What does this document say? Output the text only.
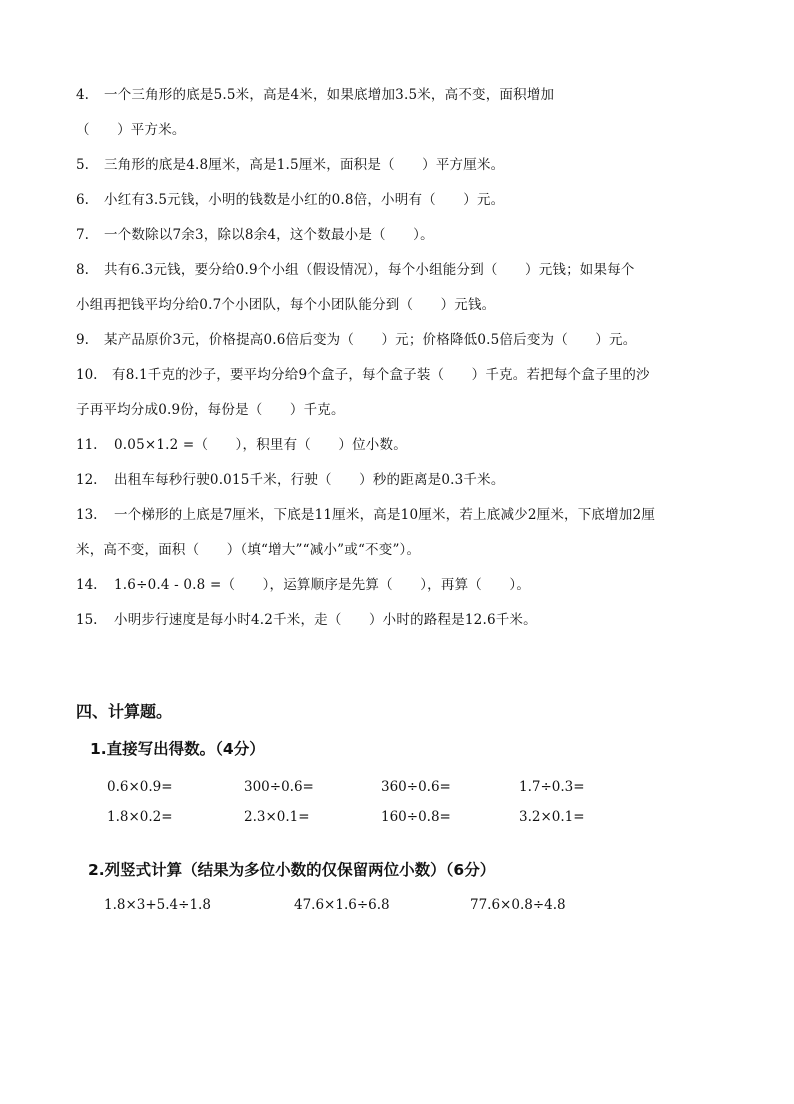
4. 一个三角形的底是5.5米，高是4米，如果底增加3.5米，高不变，面积增加
（　　）平方米。
5. 三角形的底是4.8厘米，高是1.5厘米，面积是（　　）平方厘米。
6. 小红有3.5元钱，小明的钱数是小红的0.8倍，小明有（　　）元。
7. 一个数除以7余3，除以8余4，这个数最小是（　　）。
8. 共有6.3元钱，要分给0.9个小组（假设情况），每个小组能分到（　　）元钱；如果每个
小组再把钱平均分给0.7个小团队，每个小团队能分到（　　）元钱。
9. 某产品原价3元，价格提高0.6倍后变为（　　）元；价格降低0.5倍后变为（　　）元。
10. 有8.1千克的沙子，要平均分给9个盒子，每个盒子装（　　）千克。若把每个盒子里的沙
子再平均分成0.9份，每份是（　　）千克。
11. 0.05×1.2 =（　　），积里有（　　）位小数。
12. 出租车每秒行驶0.015千米，行驶（　　）秒的距离是0.3千米。
13. 一个梯形的上底是7厘米，下底是11厘米，高是10厘米，若上底减少2厘米，下底增加2厘
米，高不变，面积（　　）（填“增大”“减小”或“不变”）。
14. 1.6÷0.4 - 0.8 =（　　），运算顺序是先算（　　），再算（　　）。
15. 小明步行速度是每小时4.2千米，走（　　）小时的路程是12.6千米。
四、计算题。
1.直接写出得数。（4分）
0.6×0.9=	300÷0.6=	360÷0.6=	1.7÷0.3=
1.8×0.2=	2.3×0.1=	160÷0.8=	3.2×0.1=
2.列竖式计算（结果为多位小数的仅保留两位小数）（6分）
1.8×3+5.4÷1.8	47.6×1.6÷6.8	77.6×0.8÷4.8
